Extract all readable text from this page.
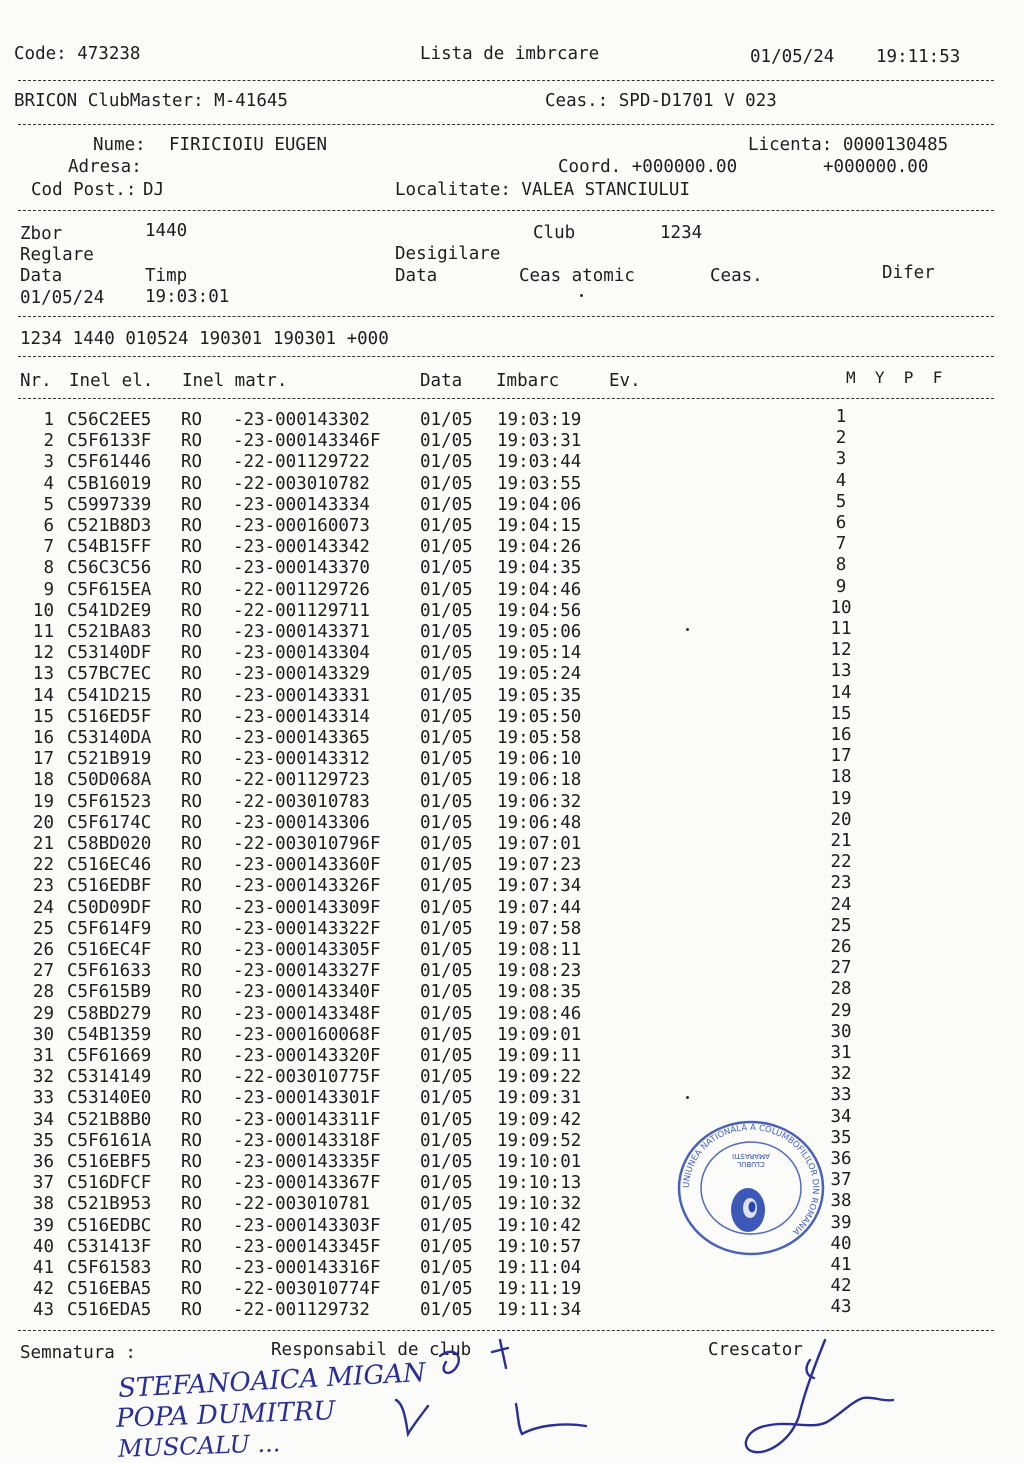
Code: 473238	Lista de imbrcare	01/05/24 19:11:53
BRICON ClubMaster: M-41645	Ceas.: SPD-D1701 V 023
Nume: FIRICIOIU EUGEN	Licenta: 0000130485
Adresa:	Coord. +000000.00	+000000.00
Cod Post.: DJ	Localitate: VALEA STANCIULUI
Zbor	1440	Club	1234
Reglare	Desigilare
Data	Timp	Data	Ceas atomic	Ceas.	Difer
01/05/24 19:03:01
1234 1440 010524 190301 190301 +000
Nr. Inel el. Inel matr.	Data Imbarc	Ev.	M  Y  P  F
1 C56C2EE5 RO -23-000143302	01/05 19:03:19	1
2 C5F6133F RO -23-000143346F 01/05 19:03:31	2
3 C5F61446 RO -22-001129722	01/05 19:03:44	3
4 C5B16019 RO -22-003010782	01/05 19:03:55	4
5 C5997339 RO -23-000143334	01/05 19:04:06	5
6 C521B8D3 RO -23-000160073	01/05 19:04:15	6
7 C54B15FF RO -23-000143342	01/05 19:04:26	7
8 C56C3C56 RO -23-000143370	01/05 19:04:35	8
9 C5F615EA RO -22-001129726	01/05 19:04:46	9
10 C541D2E9 RO -22-001129711	01/05 19:04:56	10
11 C521BA83 RO -23-000143371	01/05 19:05:06	11
12 C53140DF RO -23-000143304	01/05 19:05:14	12
13 C57BC7EC RO -23-000143329	01/05 19:05:24	13
14 C541D215 RO -23-000143331	01/05 19:05:35	14
15 C516ED5F RO -23-000143314	01/05 19:05:50	15
16 C53140DA RO -23-000143365	01/05 19:05:58	16
17 C521B919 RO -23-000143312	01/05 19:06:10	17
18 C50D068A RO -22-001129723	01/05 19:06:18	18
19 C5F61523 RO -22-003010783	01/05 19:06:32	19
20 C5F6174C RO -23-000143306	01/05 19:06:48	20
21 C58BD020 RO -22-003010796F 01/05 19:07:01	21
22 C516EC46 RO -23-000143360F 01/05 19:07:23	22
23 C516EDBF RO -23-000143326F 01/05 19:07:34	23
24 C50D09DF RO -23-000143309F 01/05 19:07:44	24
25 C5F614F9 RO -23-000143322F 01/05 19:07:58	25
26 C516EC4F RO -23-000143305F 01/05 19:08:11	26
27 C5F61633 RO -23-000143327F 01/05 19:08:23	27
28 C5F615B9 RO -23-000143340F 01/05 19:08:35	28
29 C58BD279 RO -23-000143348F 01/05 19:08:46	29
30 C54B1359 RO -23-000160068F 01/05 19:09:01	30
31 C5F61669 RO -23-000143320F 01/05 19:09:11	31
32 C5314149 RO -22-003010775F 01/05 19:09:22	32
33 C53140E0 RO -23-000143301F 01/05 19:09:31	33
34 C521B8B0 RO -23-000143311F 01/05 19:09:42	34
35 C5F6161A RO -23-000143318F 01/05 19:09:52	35
36 C516EBF5 RO -23-000143335F 01/05 19:10:01	36
37 C516DFCF RO -23-000143367F 01/05 19:10:13	37
38 C521B953 RO -22-003010781	01/05 19:10:32	38
39 C516EDBC RO -23-000143303F 01/05 19:10:42	39
40 C531413F RO -23-000143345F 01/05 19:10:57	40
41 C5F61583 RO -23-000143316F 01/05 19:11:04	41
42 C516EBA5 RO -22-003010774F 01/05 19:11:19	42
43 C516EDA5 RO -22-001129732	01/05 19:11:34	43
UNIUNEA NATIONALA A COLUMBOFILILOR DIN ROMANIA
CLUBUL
AMARASTII
Semnatura :	Responsabil de club	Crescator
STEFANOAICA MIGAN
POPA DUMITRU
MUSCALU ...
